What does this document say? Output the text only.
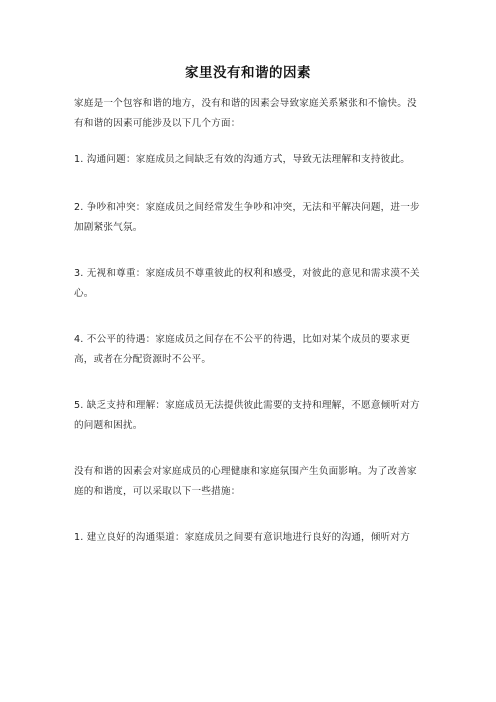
家里没有和谐的因素

家庭是一个包容和谐的地方，没有和谐的因素会导致家庭关系紧张和不愉快。没有和谐的因素可能涉及以下几个方面：

1. 沟通问题：家庭成员之间缺乏有效的沟通方式，导致无法理解和支持彼此。

2. 争吵和冲突：家庭成员之间经常发生争吵和冲突，无法和平解决问题，进一步加剧紧张气氛。

3. 无视和尊重：家庭成员不尊重彼此的权利和感受，对彼此的意见和需求漠不关心。

4. 不公平的待遇：家庭成员之间存在不公平的待遇，比如对某个成员的要求更高，或者在分配资源时不公平。

5. 缺乏支持和理解：家庭成员无法提供彼此需要的支持和理解，不愿意倾听对方的问题和困扰。

没有和谐的因素会对家庭成员的心理健康和家庭氛围产生负面影响。为了改善家庭的和谐度，可以采取以下一些措施：

1. 建立良好的沟通渠道：家庭成员之间要有意识地进行良好的沟通，倾听对方
